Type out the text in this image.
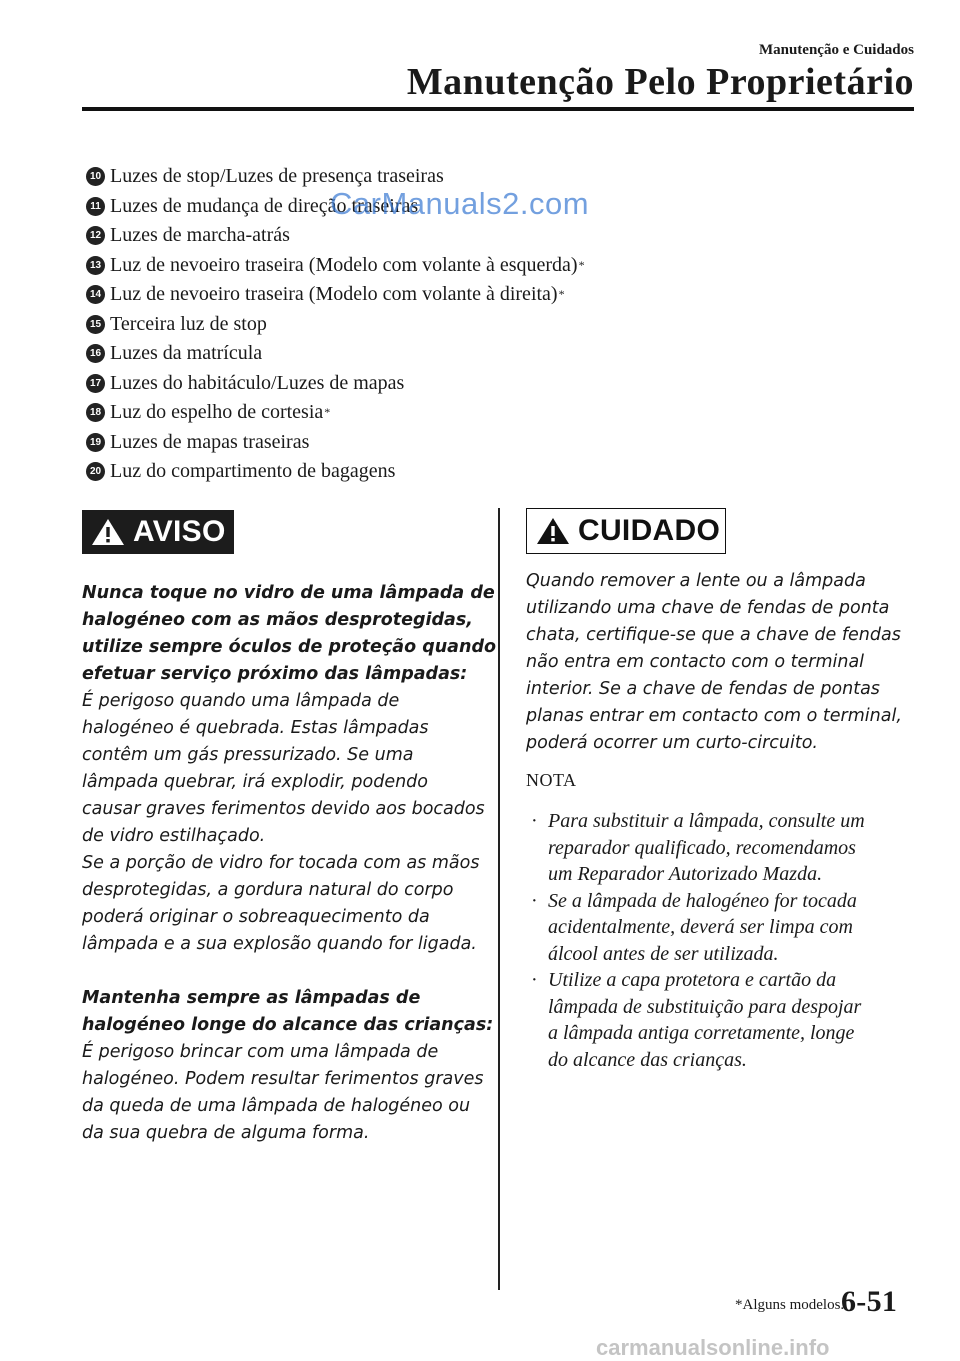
Manutenção e Cuidados
Manutenção Pelo Proprietário
10 Luzes de stop/Luzes de presença traseiras
11 Luzes de mudança de direção traseiras
12 Luzes de marcha-atrás
13 Luz de nevoeiro traseira (Modelo com volante à esquerda) *
14 Luz de nevoeiro traseira (Modelo com volante à direita) *
15 Terceira luz de stop
16 Luzes da matrícula
17 Luzes do habitáculo/Luzes de mapas
18 Luz do espelho de cortesia *
19 Luzes de mapas traseiras
20 Luz do compartimento de bagagens
CarManuals2.com
AVISO
Nunca toque no vidro de uma lâmpada de
halogéneo com as mãos desprotegidas,
utilize sempre óculos de proteção quando
efetuar serviço próximo das lâmpadas:
É perigoso quando uma lâmpada de
halogéneo é quebrada. Estas lâmpadas
contêm um gás pressurizado. Se uma
lâmpada quebrar, irá explodir, podendo
causar graves ferimentos devido aos bocados
de vidro estilhaçado.
Se a porção de vidro for tocada com as mãos
desprotegidas, a gordura natural do corpo
poderá originar o sobreaquecimento da
lâmpada e a sua explosão quando for ligada.
Mantenha sempre as lâmpadas de
halogéneo longe do alcance das crianças:
É perigoso brincar com uma lâmpada de
halogéneo. Podem resultar ferimentos graves
da queda de uma lâmpada de halogéneo ou
da sua quebra de alguma forma.
CUIDADO
Quando remover a lente ou a lâmpada
utilizando uma chave de fendas de ponta
chata, certifique-se que a chave de fendas
não entra em contacto com o terminal
interior. Se a chave de fendas de pontas
planas entrar em contacto com o terminal,
poderá ocorrer um curto-circuito.
NOTA
· Para substituir a lâmpada, consulte um
reparador qualificado, recomendamos
um Reparador Autorizado Mazda.
· Se a lâmpada de halogéneo for tocada
acidentalmente, deverá ser limpa com
álcool antes de ser utilizada.
· Utilize a capa protetora e cartão da
lâmpada de substituição para despojar
a lâmpada antiga corretamente, longe
do alcance das crianças.
*Alguns modelos.
6-51
carmanualsonline.info
